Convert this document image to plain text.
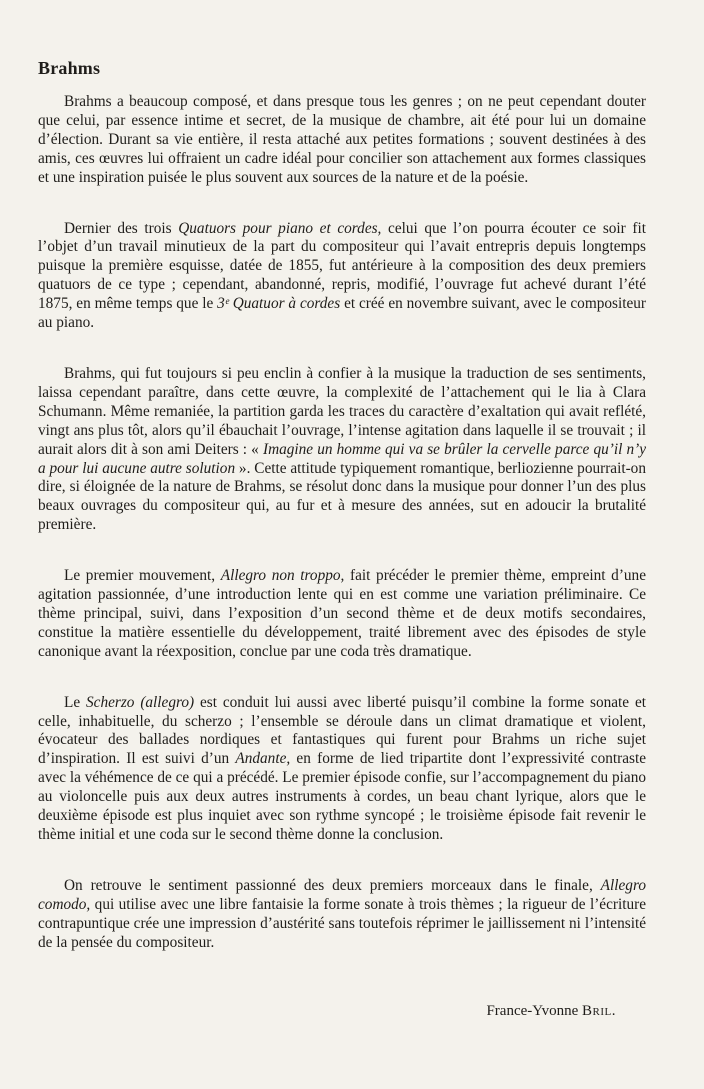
Brahms

Brahms a beaucoup composé, et dans presque tous les genres ; on ne peut cependant douter que celui, par essence intime et secret, de la musique de chambre, ait été pour lui un domaine d’élection. Durant sa vie entière, il resta attaché aux petites formations ; souvent destinées à des amis, ces œuvres lui offraient un cadre idéal pour concilier son attachement aux formes classiques et une inspiration puisée le plus souvent aux sources de la nature et de la poésie.

Dernier des trois Quatuors pour piano et cordes, celui que l’on pourra écouter ce soir fit l’objet d’un travail minutieux de la part du compositeur qui l’avait entrepris depuis longtemps puisque la première esquisse, datée de 1855, fut antérieure à la composition des deux premiers quatuors de ce type ; cependant, abandonné, repris, modifié, l’ouvrage fut achevé durant l’été 1875, en même temps que le 3ᵉ Quatuor à cordes et créé en novembre suivant, avec le compositeur au piano.

Brahms, qui fut toujours si peu enclin à confier à la musique la traduction de ses sentiments, laissa cependant paraître, dans cette œuvre, la complexité de l’attachement qui le lia à Clara Schumann. Même remaniée, la partition garda les traces du caractère d’exaltation qui avait reflété, vingt ans plus tôt, alors qu’il ébauchait l’ouvrage, l’intense agitation dans laquelle il se trouvait ; il aurait alors dit à son ami Deiters : « Imagine un homme qui va se brûler la cervelle parce qu’il n’y a pour lui aucune autre solution ». Cette attitude typiquement romantique, berliozienne pourrait-on dire, si éloignée de la nature de Brahms, se résolut donc dans la musique pour donner l’un des plus beaux ouvrages du compositeur qui, au fur et à mesure des années, sut en adoucir la brutalité première.

Le premier mouvement, Allegro non troppo, fait précéder le premier thème, empreint d’une agitation passionnée, d’une introduction lente qui en est comme une variation préliminaire. Ce thème principal, suivi, dans l’exposition d’un second thème et de deux motifs secondaires, constitue la matière essentielle du développement, traité librement avec des épisodes de style canonique avant la réexposition, conclue par une coda très dramatique.

Le Scherzo (allegro) est conduit lui aussi avec liberté puisqu’il combine la forme sonate et celle, inhabituelle, du scherzo ; l’ensemble se déroule dans un climat dramatique et violent, évocateur des ballades nordiques et fantastiques qui furent pour Brahms un riche sujet d’inspiration. Il est suivi d’un Andante, en forme de lied tripartite dont l’expressivité contraste avec la véhémence de ce qui a précédé. Le premier épisode confie, sur l’accompagnement du piano au violoncelle puis aux deux autres instruments à cordes, un beau chant lyrique, alors que le deuxième épisode est plus inquiet avec son rythme syncopé ; le troisième épisode fait revenir le thème initial et une coda sur le second thème donne la conclusion.

On retrouve le sentiment passionné des deux premiers morceaux dans le finale, Allegro comodo, qui utilise avec une libre fantaisie la forme sonate à trois thèmes ; la rigueur de l’écriture contrapuntique crée une impression d’austérité sans toutefois réprimer le jaillissement ni l’intensité de la pensée du compositeur.

France-Yvonne Bril.
